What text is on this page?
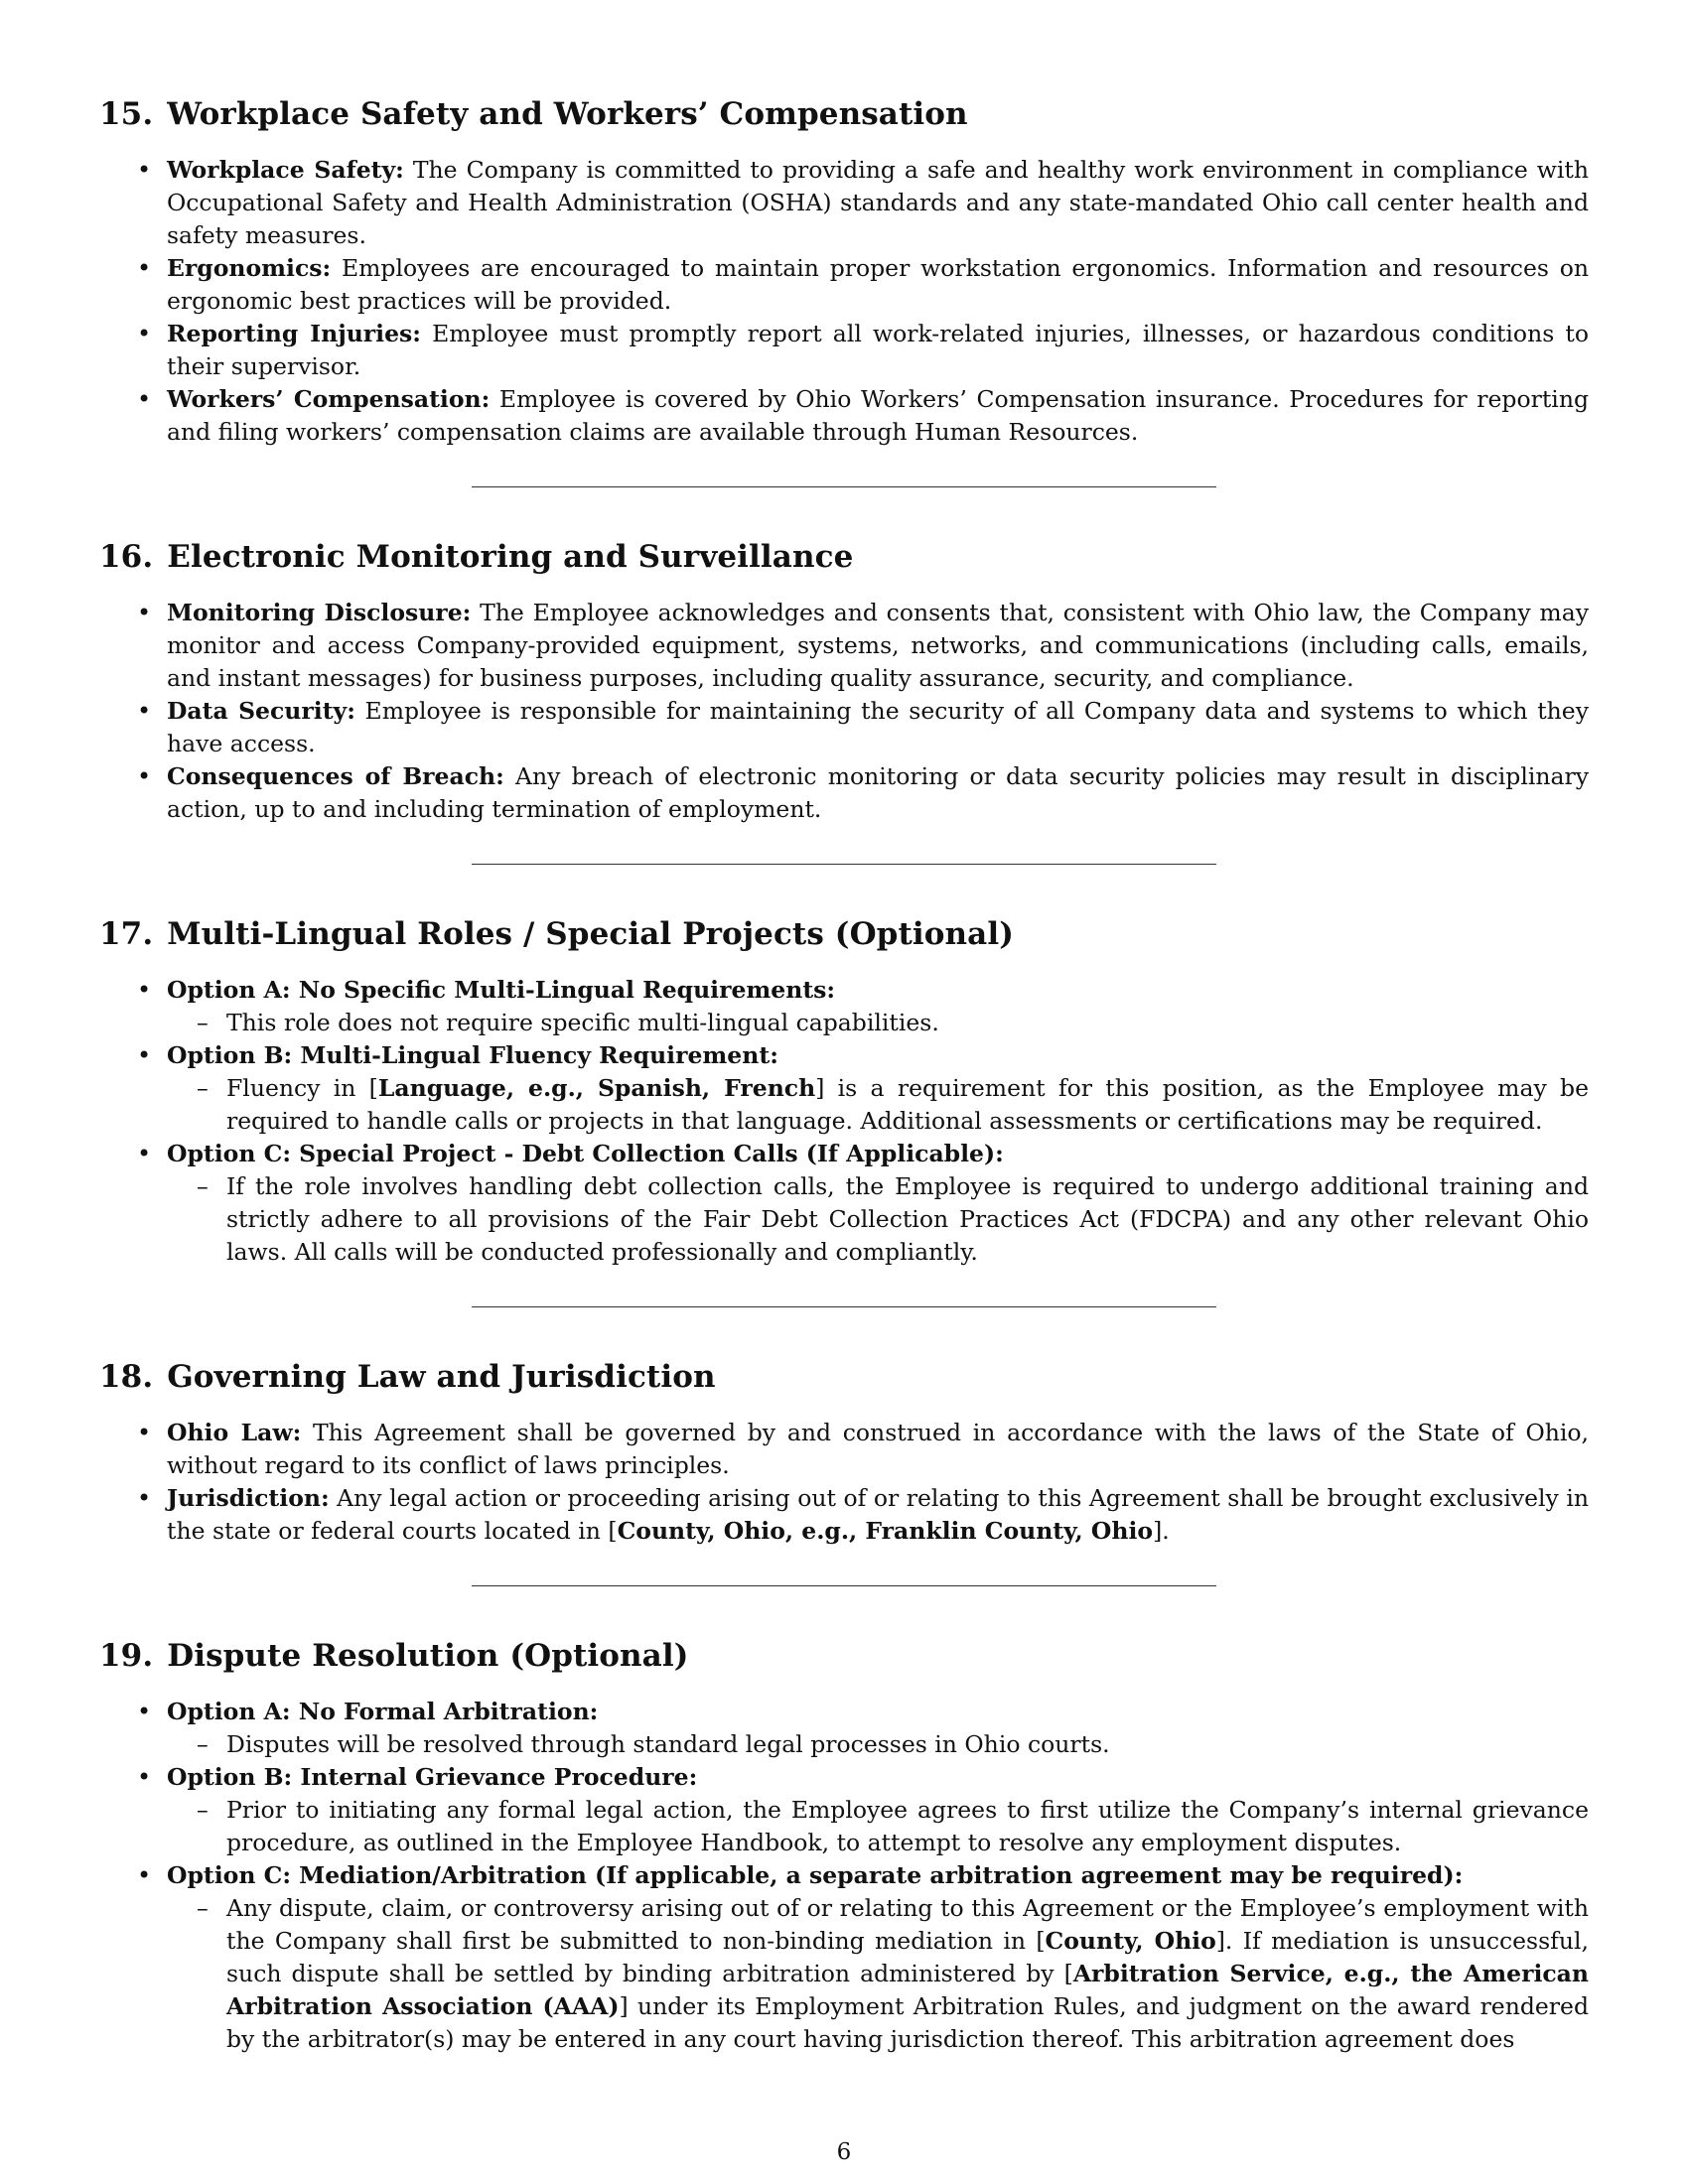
15. Workplace Safety and Workers’ Compensation
• Workplace Safety: The Company is committed to providing a safe and healthy work environment in compliance with Occupational Safety and Health Administration (OSHA) standards and any state-mandated Ohio call center health and safety measures.
• Ergonomics: Employees are encouraged to maintain proper workstation ergonomics. Information and resources on ergonomic best practices will be provided.
• Reporting Injuries: Employee must promptly report all work-related injuries, illnesses, or hazardous conditions to their supervisor.
• Workers’ Compensation: Employee is covered by Ohio Workers’ Compensation insurance. Procedures for reporting and filing workers’ compensation claims are available through Human Resources.
16. Electronic Monitoring and Surveillance
• Monitoring Disclosure: The Employee acknowledges and consents that, consistent with Ohio law, the Company may monitor and access Company-provided equipment, systems, networks, and communications (including calls, emails, and instant messages) for business purposes, including quality assurance, security, and compliance.
• Data Security: Employee is responsible for maintaining the security of all Company data and systems to which they have access.
• Consequences of Breach: Any breach of electronic monitoring or data security policies may result in disciplinary action, up to and including termination of employment.
17. Multi-Lingual Roles / Special Projects (Optional)
• Option A: No Specific Multi-Lingual Requirements:
– This role does not require specific multi-lingual capabilities.
• Option B: Multi-Lingual Fluency Requirement:
– Fluency in [Language, e.g., Spanish, French] is a requirement for this position, as the Employee may be required to handle calls or projects in that language. Additional assessments or certifications may be required.
• Option C: Special Project - Debt Collection Calls (If Applicable):
– If the role involves handling debt collection calls, the Employee is required to undergo additional training and strictly adhere to all provisions of the Fair Debt Collection Practices Act (FDCPA) and any other relevant Ohio laws. All calls will be conducted professionally and compliantly.
18. Governing Law and Jurisdiction
• Ohio Law: This Agreement shall be governed by and construed in accordance with the laws of the State of Ohio, without regard to its conflict of laws principles.
• Jurisdiction: Any legal action or proceeding arising out of or relating to this Agreement shall be brought exclusively in the state or federal courts located in [County, Ohio, e.g., Franklin County, Ohio].
19. Dispute Resolution (Optional)
• Option A: No Formal Arbitration:
– Disputes will be resolved through standard legal processes in Ohio courts.
• Option B: Internal Grievance Procedure:
– Prior to initiating any formal legal action, the Employee agrees to first utilize the Company’s internal grievance procedure, as outlined in the Employee Handbook, to attempt to resolve any employment disputes.
• Option C: Mediation/Arbitration (If applicable, a separate arbitration agreement may be required):
– Any dispute, claim, or controversy arising out of or relating to this Agreement or the Employee’s employment with the Company shall first be submitted to non-binding mediation in [County, Ohio]. If mediation is unsuccessful, such dispute shall be settled by binding arbitration administered by [Arbitration Service, e.g., the American Arbitration Association (AAA)] under its Employment Arbitration Rules, and judgment on the award rendered by the arbitrator(s) may be entered in any court having jurisdiction thereof. This arbitration agreement does
6
